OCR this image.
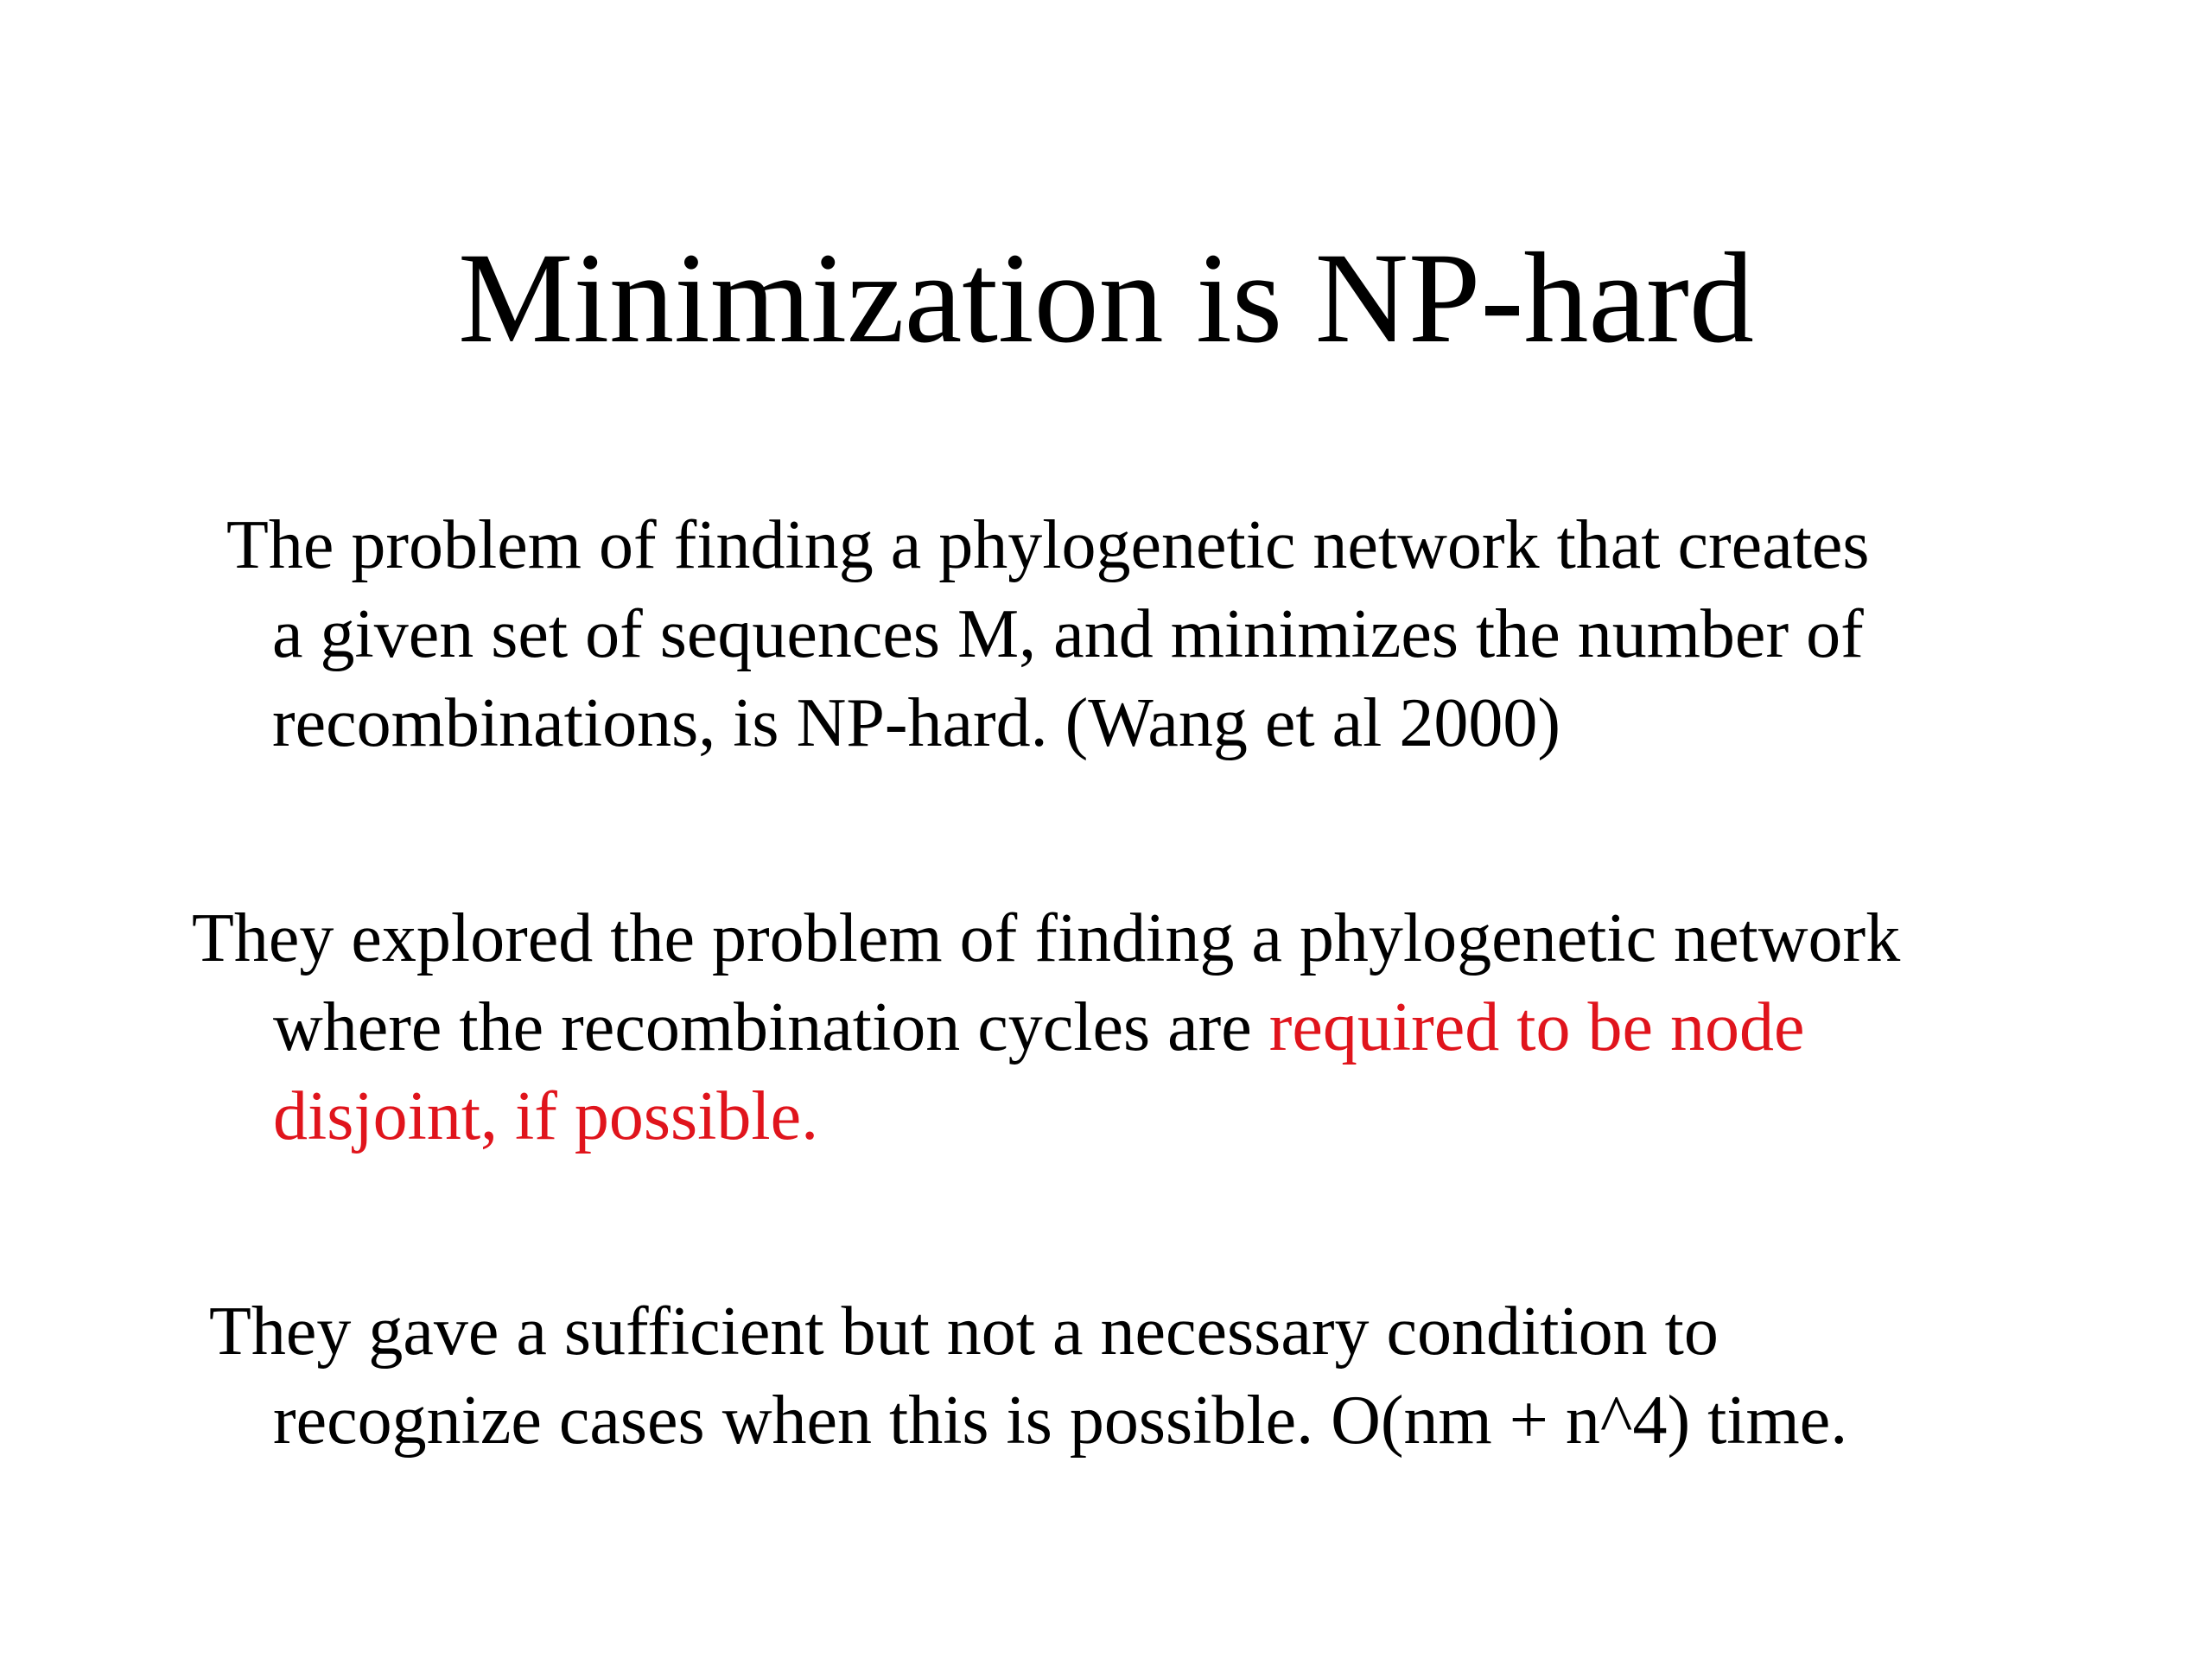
Minimization is NP-hard
The problem of finding a phylogenetic network that creates
a given set of sequences M, and minimizes the number of
recombinations, is NP-hard. (Wang et al 2000)
They explored the problem of finding a phylogenetic network
where the recombination cycles are required to be node
disjoint, if possible.
They gave a sufficient but not a necessary condition to
recognize cases when this is possible. O(nm + n^4) time.
